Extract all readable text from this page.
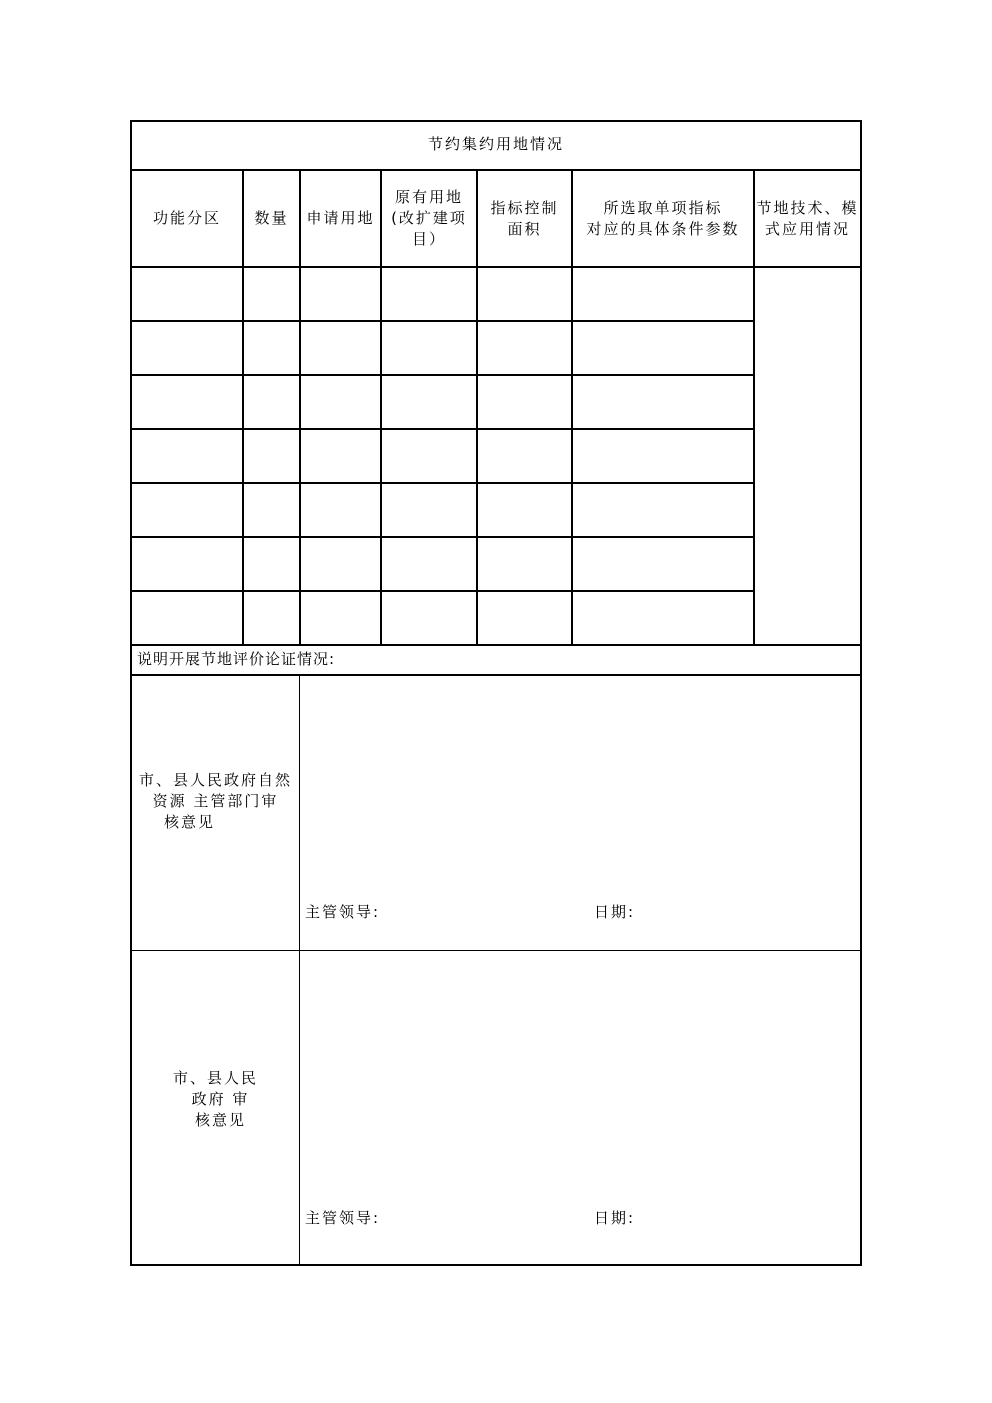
节约集约用地情况
功能分区 数量 申请用地
原有用地
(改扩建项
目）
指标控制
面积
所选取单项指标
对应的具体条件参数
节地技术、模
式应用情况
说明开展节地评价论证情况:
市、县人民政府自然
资源 主管部门审
核意见
主管领导:	日期:
市、县人民
政府 审
核意见
主管领导:	日期:
